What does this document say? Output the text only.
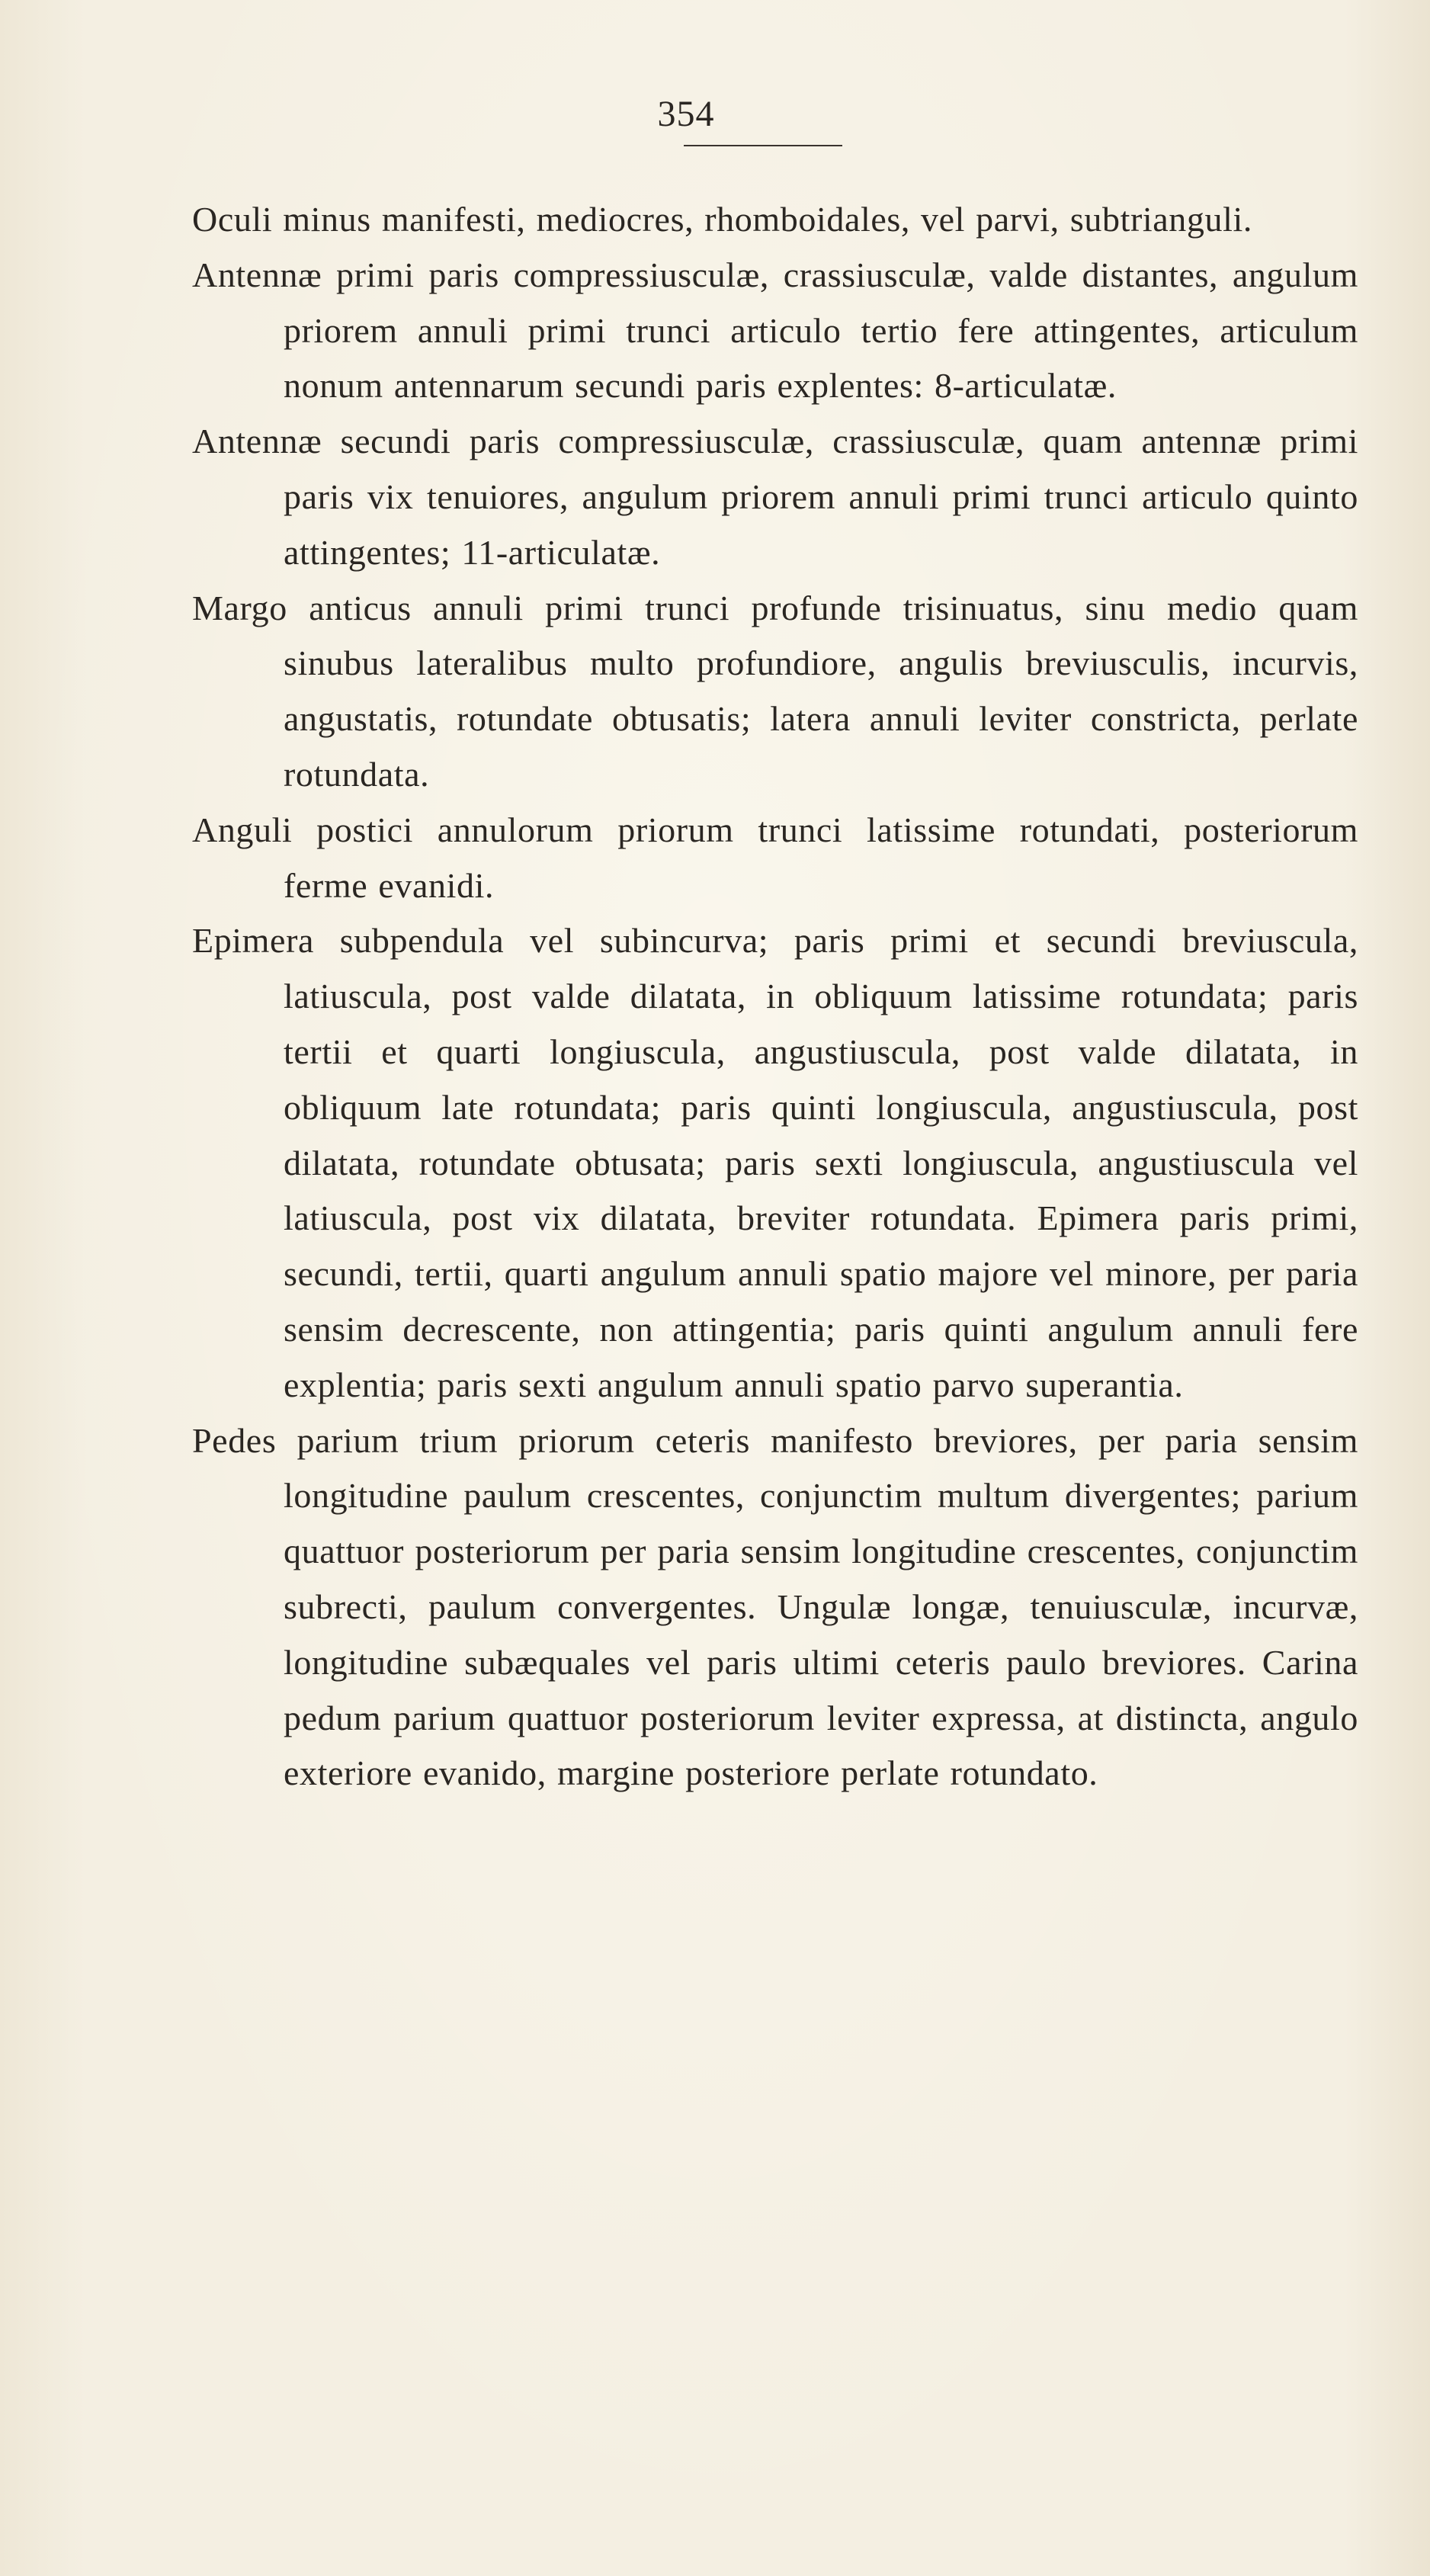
354

Oculi minus manifesti, mediocres, rhomboidales, vel parvi, subtrianguli.

Antennæ primi paris compressiusculæ, crassiusculæ, valde distantes, angulum priorem annuli primi trunci articulo tertio fere attingentes, articulum nonum antennarum secundi paris explentes: 8-articulatæ.

Antennæ secundi paris compressiusculæ, crassiusculæ, quam antennæ primi paris vix tenuiores, angulum priorem annuli primi trunci articulo quinto attingentes; 11-articulatæ.

Margo anticus annuli primi trunci profunde trisinuatus, sinu medio quam sinubus lateralibus multo profundiore, angulis breviusculis, incurvis, angustatis, rotundate obtusatis; latera annuli leviter constricta, perlate rotundata.

Anguli postici annulorum priorum trunci latissime rotundati, posteriorum ferme evanidi.

Epimera subpendula vel subincurva; paris primi et secundi breviuscula, latiuscula, post valde dilatata, in obliquum latissime rotundata; paris tertii et quarti longiuscula, angustiuscula, post valde dilatata, in obliquum late rotundata; paris quinti longiuscula, angustiuscula, post dilatata, rotundate obtusata; paris sexti longiuscula, angustiuscula vel latiuscula, post vix dilatata, breviter rotundata. Epimera paris primi, secundi, tertii, quarti angulum annuli spatio majore vel minore, per paria sensim decrescente, non attingentia; paris quinti angulum annuli fere explentia; paris sexti angulum annuli spatio parvo superantia.

Pedes parium trium priorum ceteris manifesto breviores, per paria sensim longitudine paulum crescentes, conjunctim multum divergentes; parium quattuor posteriorum per paria sensim longitudine crescentes, conjunctim subrecti, paulum convergentes. Ungulæ longæ, tenuiusculæ, incurvæ, longitudine subæquales vel paris ultimi ceteris paulo breviores. Carina pedum parium quattuor posteriorum leviter expressa, at distincta, angulo exteriore evanido, margine posteriore perlate rotundato.
